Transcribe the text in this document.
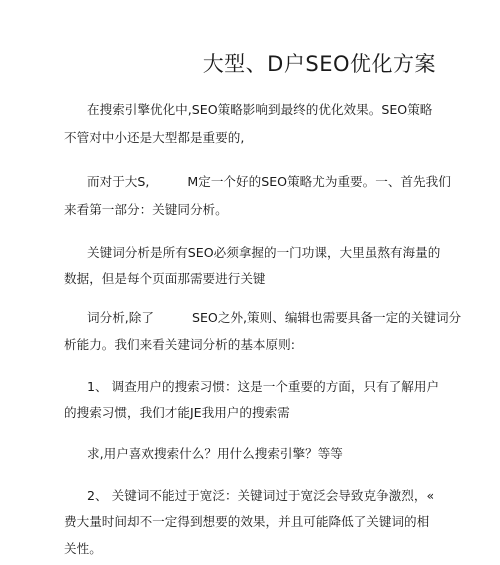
大型、D户SEO优化方案
在搜索引擎优化中,SEO策略影响到最终的优化效果。SEO策略
不管对中小还是大型都是重要的,
而对于大S,	M定一个好的SEO策略尤为重要。一、首先我们
来看第一部分：关键同分析。
关键词分析是所有SEO必须拿握的一门功课，大里虽熬有海量的
数据，但是每个页面那需要进行关键
词分析,除了	SEO之外,策则、编辑也需要具备一定的关键词分
析能力。我们来看关建词分析的基本原则:
1、 调查用户的搜索习惯：这是一个重要的方面，只有了解用户
的搜索习惯，我们才能JE我用户的搜索需
求,用户喜欢搜索什么？用什么搜索引擎？等等
2、 关键词不能过于宽泛：关键词过于宽泛会导致克争激烈，«
费大量时间却不一定得到想要的效果，并且可能降低了关键词的相
关性。
